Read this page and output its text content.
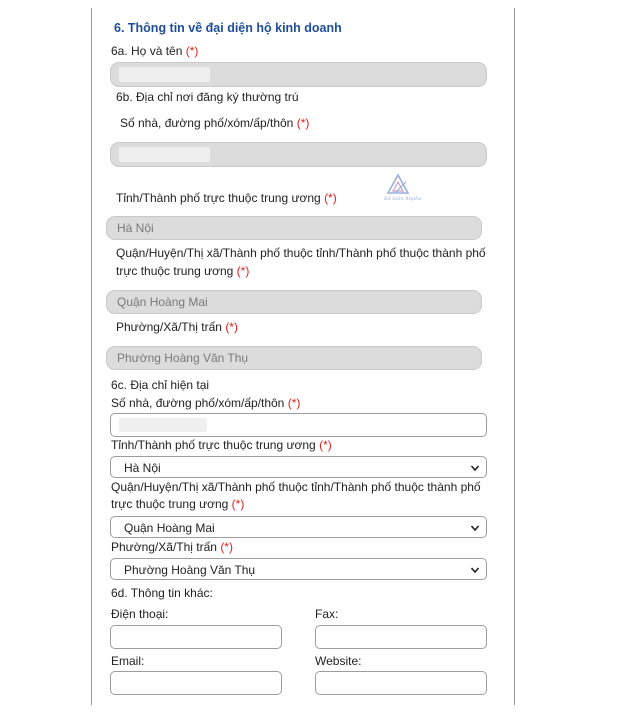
6. Thông tin về đại diện hộ kinh doanh
6a. Họ và tên (*)
6b. Địa chỉ nơi đăng ký thường trú
Số nhà, đường phố/xóm/ấp/thôn (*)
Tỉnh/Thành phố trực thuộc trung ương (*)	Kế toán Anpha
Hà Nội
Quận/Huyện/Thị xã/Thành phố thuộc tỉnh/Thành phố thuộc thành phố
trực thuộc trung ương (*)
Quận Hoàng Mai
Phường/Xã/Thị trấn (*)
Phường Hoàng Văn Thụ
6c. Địa chỉ hiện tại
Số nhà, đường phố/xóm/ấp/thôn (*)
Tỉnh/Thành phố trực thuộc trung ương (*)
Hà Nội
Quận/Huyện/Thị xã/Thành phố thuộc tỉnh/Thành phố thuộc thành phố
trực thuộc trung ương (*)
Quận Hoàng Mai
Phường/Xã/Thị trấn (*)
Phường Hoàng Văn Thụ
6d. Thông tin khác:
Điện thoại:	Fax:
Email:	Website:
